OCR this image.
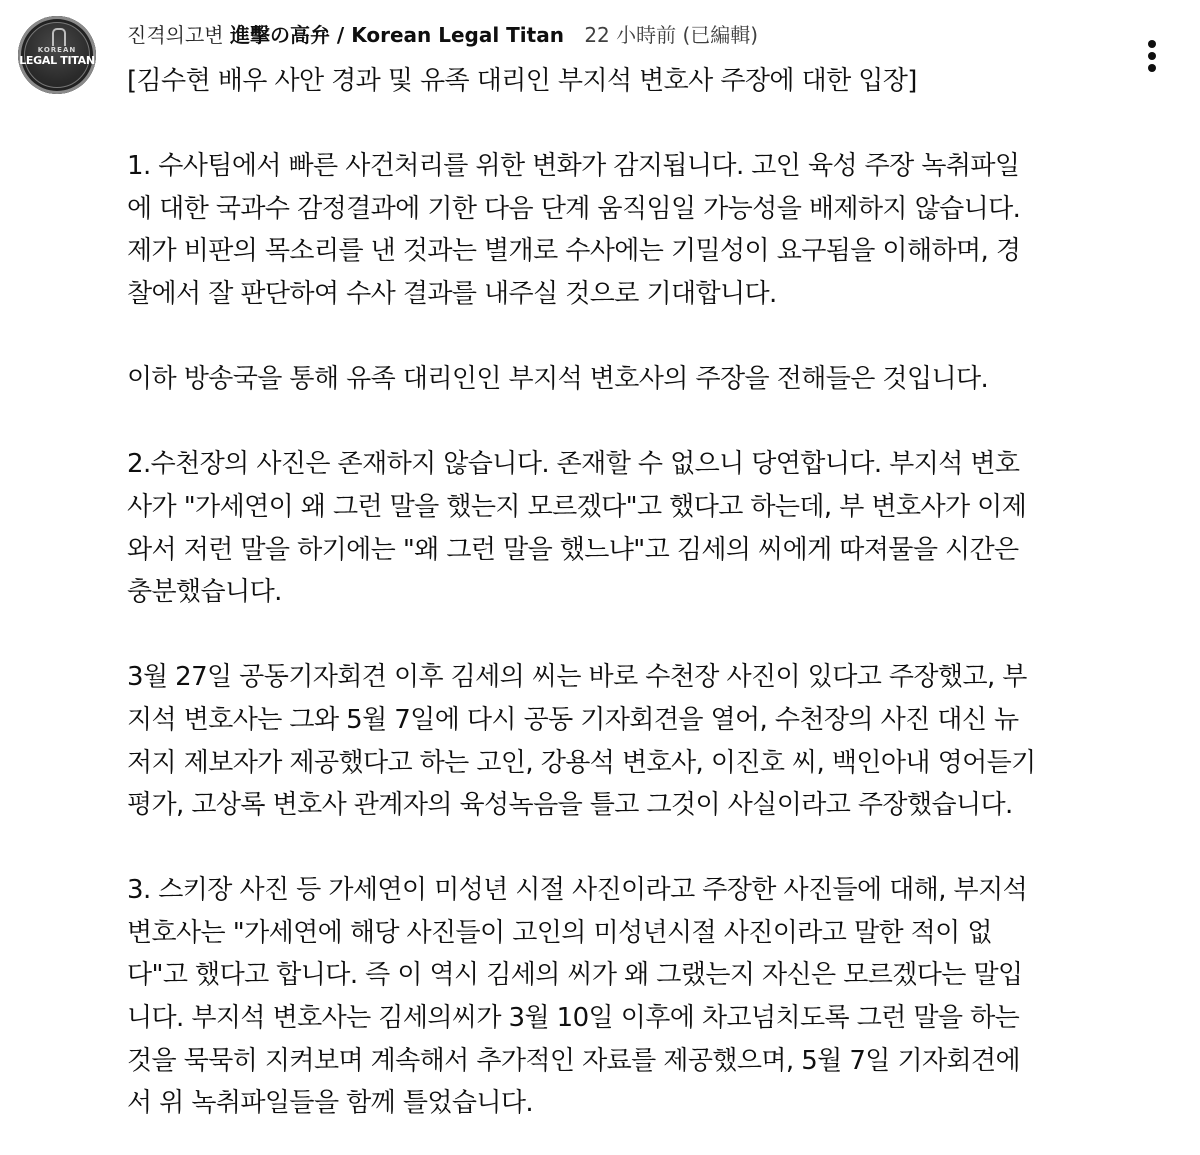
KOREAN
LEGAL TITAN
진격의고변 進擊の高弁 / Korean Legal Titan 22 小時前 (已編輯)
[김수현 배우 사안 경과 및 유족 대리인 부지석 변호사 주장에 대한 입장]
1. 수사팀에서 빠른 사건처리를 위한 변화가 감지됩니다. 고인 육성 주장 녹취파일
에 대한 국과수 감정결과에 기한 다음 단계 움직임일 가능성을 배제하지 않습니다.
제가 비판의 목소리를 낸 것과는 별개로 수사에는 기밀성이 요구됨을 이해하며, 경
찰에서 잘 판단하여 수사 결과를 내주실 것으로 기대합니다.
이하 방송국을 통해 유족 대리인인 부지석 변호사의 주장을 전해들은 것입니다.
2.수천장의 사진은 존재하지 않습니다. 존재할 수 없으니 당연합니다. 부지석 변호
사가 "가세연이 왜 그런 말을 했는지 모르겠다"고 했다고 하는데, 부 변호사가 이제
와서 저런 말을 하기에는 "왜 그런 말을 했느냐"고 김세의 씨에게 따져물을 시간은
충분했습니다.
3월 27일 공동기자회견 이후 김세의 씨는 바로 수천장 사진이 있다고 주장했고, 부
지석 변호사는 그와 5월 7일에 다시 공동 기자회견을 열어, 수천장의 사진 대신 뉴
저지 제보자가 제공했다고 하는 고인, 강용석 변호사, 이진호 씨, 백인아내 영어듣기
평가, 고상록 변호사 관계자의 육성녹음을 틀고 그것이 사실이라고 주장했습니다.
3. 스키장 사진 등 가세연이 미성년 시절 사진이라고 주장한 사진들에 대해, 부지석
변호사는 "가세연에 해당 사진들이 고인의 미성년시절 사진이라고 말한 적이 없
다"고 했다고 합니다. 즉 이 역시 김세의 씨가 왜 그랬는지 자신은 모르겠다는 말입
니다. 부지석 변호사는 김세의씨가 3월 10일 이후에 차고넘치도록 그런 말을 하는
것을 묵묵히 지켜보며 계속해서 추가적인 자료를 제공했으며, 5월 7일 기자회견에
서 위 녹취파일들을 함께 틀었습니다.
